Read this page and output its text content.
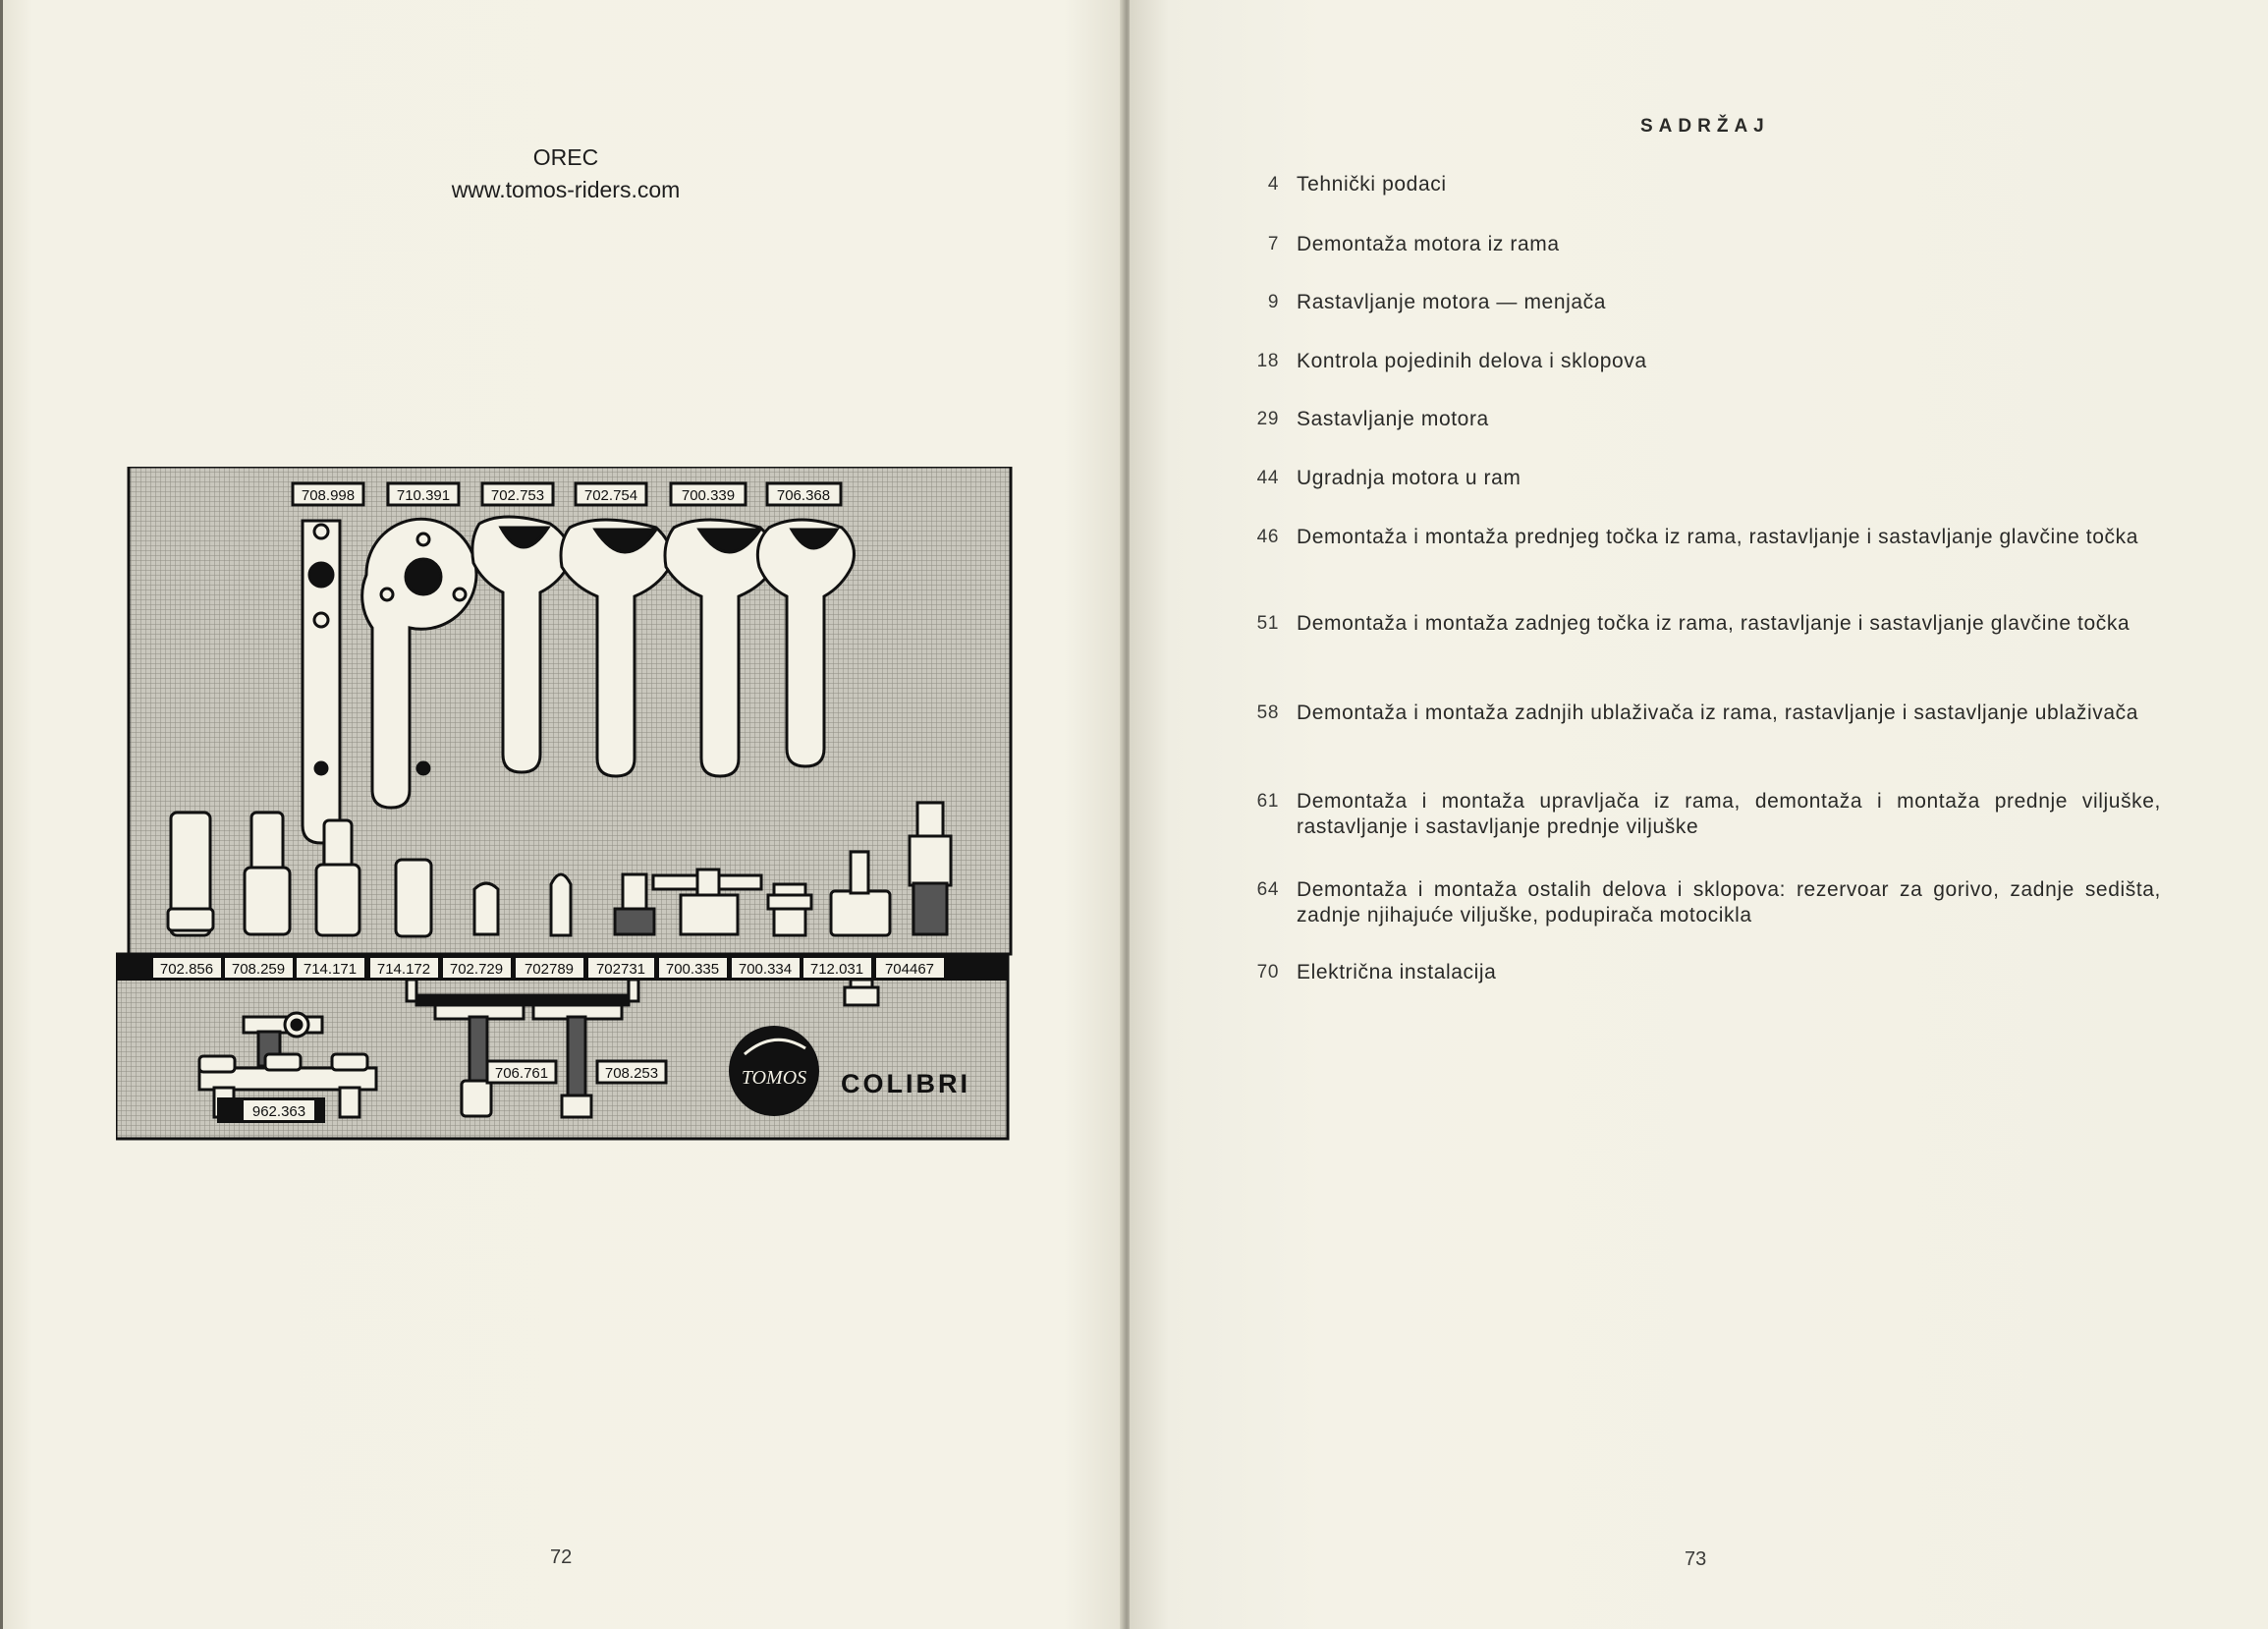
OREC
www.tomos-riders.com
708.998	710.391	702.753	702.754	700.339	706.368
702.856 708.259 714.171 714.172 702.729 702789 702731 700.335 700.334 712.031 704467
962.363
706.761	708.253	TOMOS COLIBRI
72
SADRŽAJ
4 Tehnički podaci
7 Demontaža motora iz rama
9 Rastavljanje motora — menjača
18 Kontrola pojedinih delova i sklopova
29 Sastavljanje motora
44 Ugradnja motora u ram
46 Demontaža i montaža prednjeg točka iz rama, rastavljanje i sastavljanje glavčine točka
51 Demontaža i montaža zadnjeg točka iz rama, rastavljanje i sastavljanje glavčine točka
58 Demontaža i montaža zadnjih ublaživača iz rama, rastavljanje i sastavljanje ublaživača
61 Demontaža i montaža upravljača iz rama, demontaža i montaža prednje viljuške, rastavljanje i sastavljanje prednje viljuške
64 Demontaža i montaža ostalih delova i sklopova: rezervoar za gorivo, zadnje sedišta, zadnje njihajuće viljuške, podupirača motocikla
70 Električna instalacija
73
